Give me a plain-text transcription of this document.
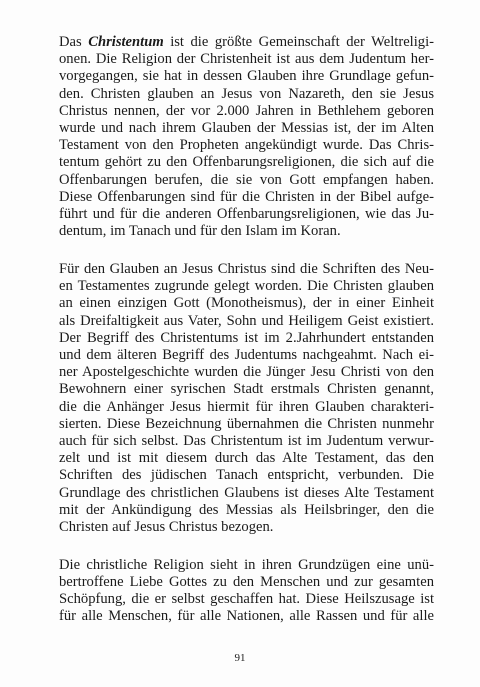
Das Christentum ist die größte Gemeinschaft der Weltreligi-
onen. Die Religion der Christenheit ist aus dem Judentum her-
vorgegangen, sie hat in dessen Glauben ihre Grundlage gefun-
den. Christen glauben an Jesus von Nazareth, den sie Jesus
Christus nennen, der vor 2.000 Jahren in Bethlehem geboren
wurde und nach ihrem Glauben der Messias ist, der im Alten
Testament von den Propheten angekündigt wurde. Das Chris-
tentum gehört zu den Offenbarungsreligionen, die sich auf die
Offenbarungen berufen, die sie von Gott empfangen haben.
Diese Offenbarungen sind für die Christen in der Bibel aufge-
führt und für die anderen Offenbarungsreligionen, wie das Ju-
dentum, im Tanach und für den Islam im Koran.
Für den Glauben an Jesus Christus sind die Schriften des Neu-
en Testamentes zugrunde gelegt worden. Die Christen glauben
an einen einzigen Gott (Monotheismus), der in einer Einheit
als Dreifaltigkeit aus Vater, Sohn und Heiligem Geist existiert.
Der Begriff des Christentums ist im 2.Jahrhundert entstanden
und dem älteren Begriff des Judentums nachgeahmt. Nach ei-
ner Apostelgeschichte wurden die Jünger Jesu Christi von den
Bewohnern einer syrischen Stadt erstmals Christen genannt,
die die Anhänger Jesus hiermit für ihren Glauben charakteri-
sierten. Diese Bezeichnung übernahmen die Christen nunmehr
auch für sich selbst. Das Christentum ist im Judentum verwur-
zelt und ist mit diesem durch das Alte Testament, das den
Schriften des jüdischen Tanach entspricht, verbunden. Die
Grundlage des christlichen Glaubens ist dieses Alte Testament
mit der Ankündigung des Messias als Heilsbringer, den die
Christen auf Jesus Christus bezogen.
Die christliche Religion sieht in ihren Grundzügen eine unü-
bertroffene Liebe Gottes zu den Menschen und zur gesamten
Schöpfung, die er selbst geschaffen hat. Diese Heilszusage ist
für alle Menschen, für alle Nationen, alle Rassen und für alle
91
